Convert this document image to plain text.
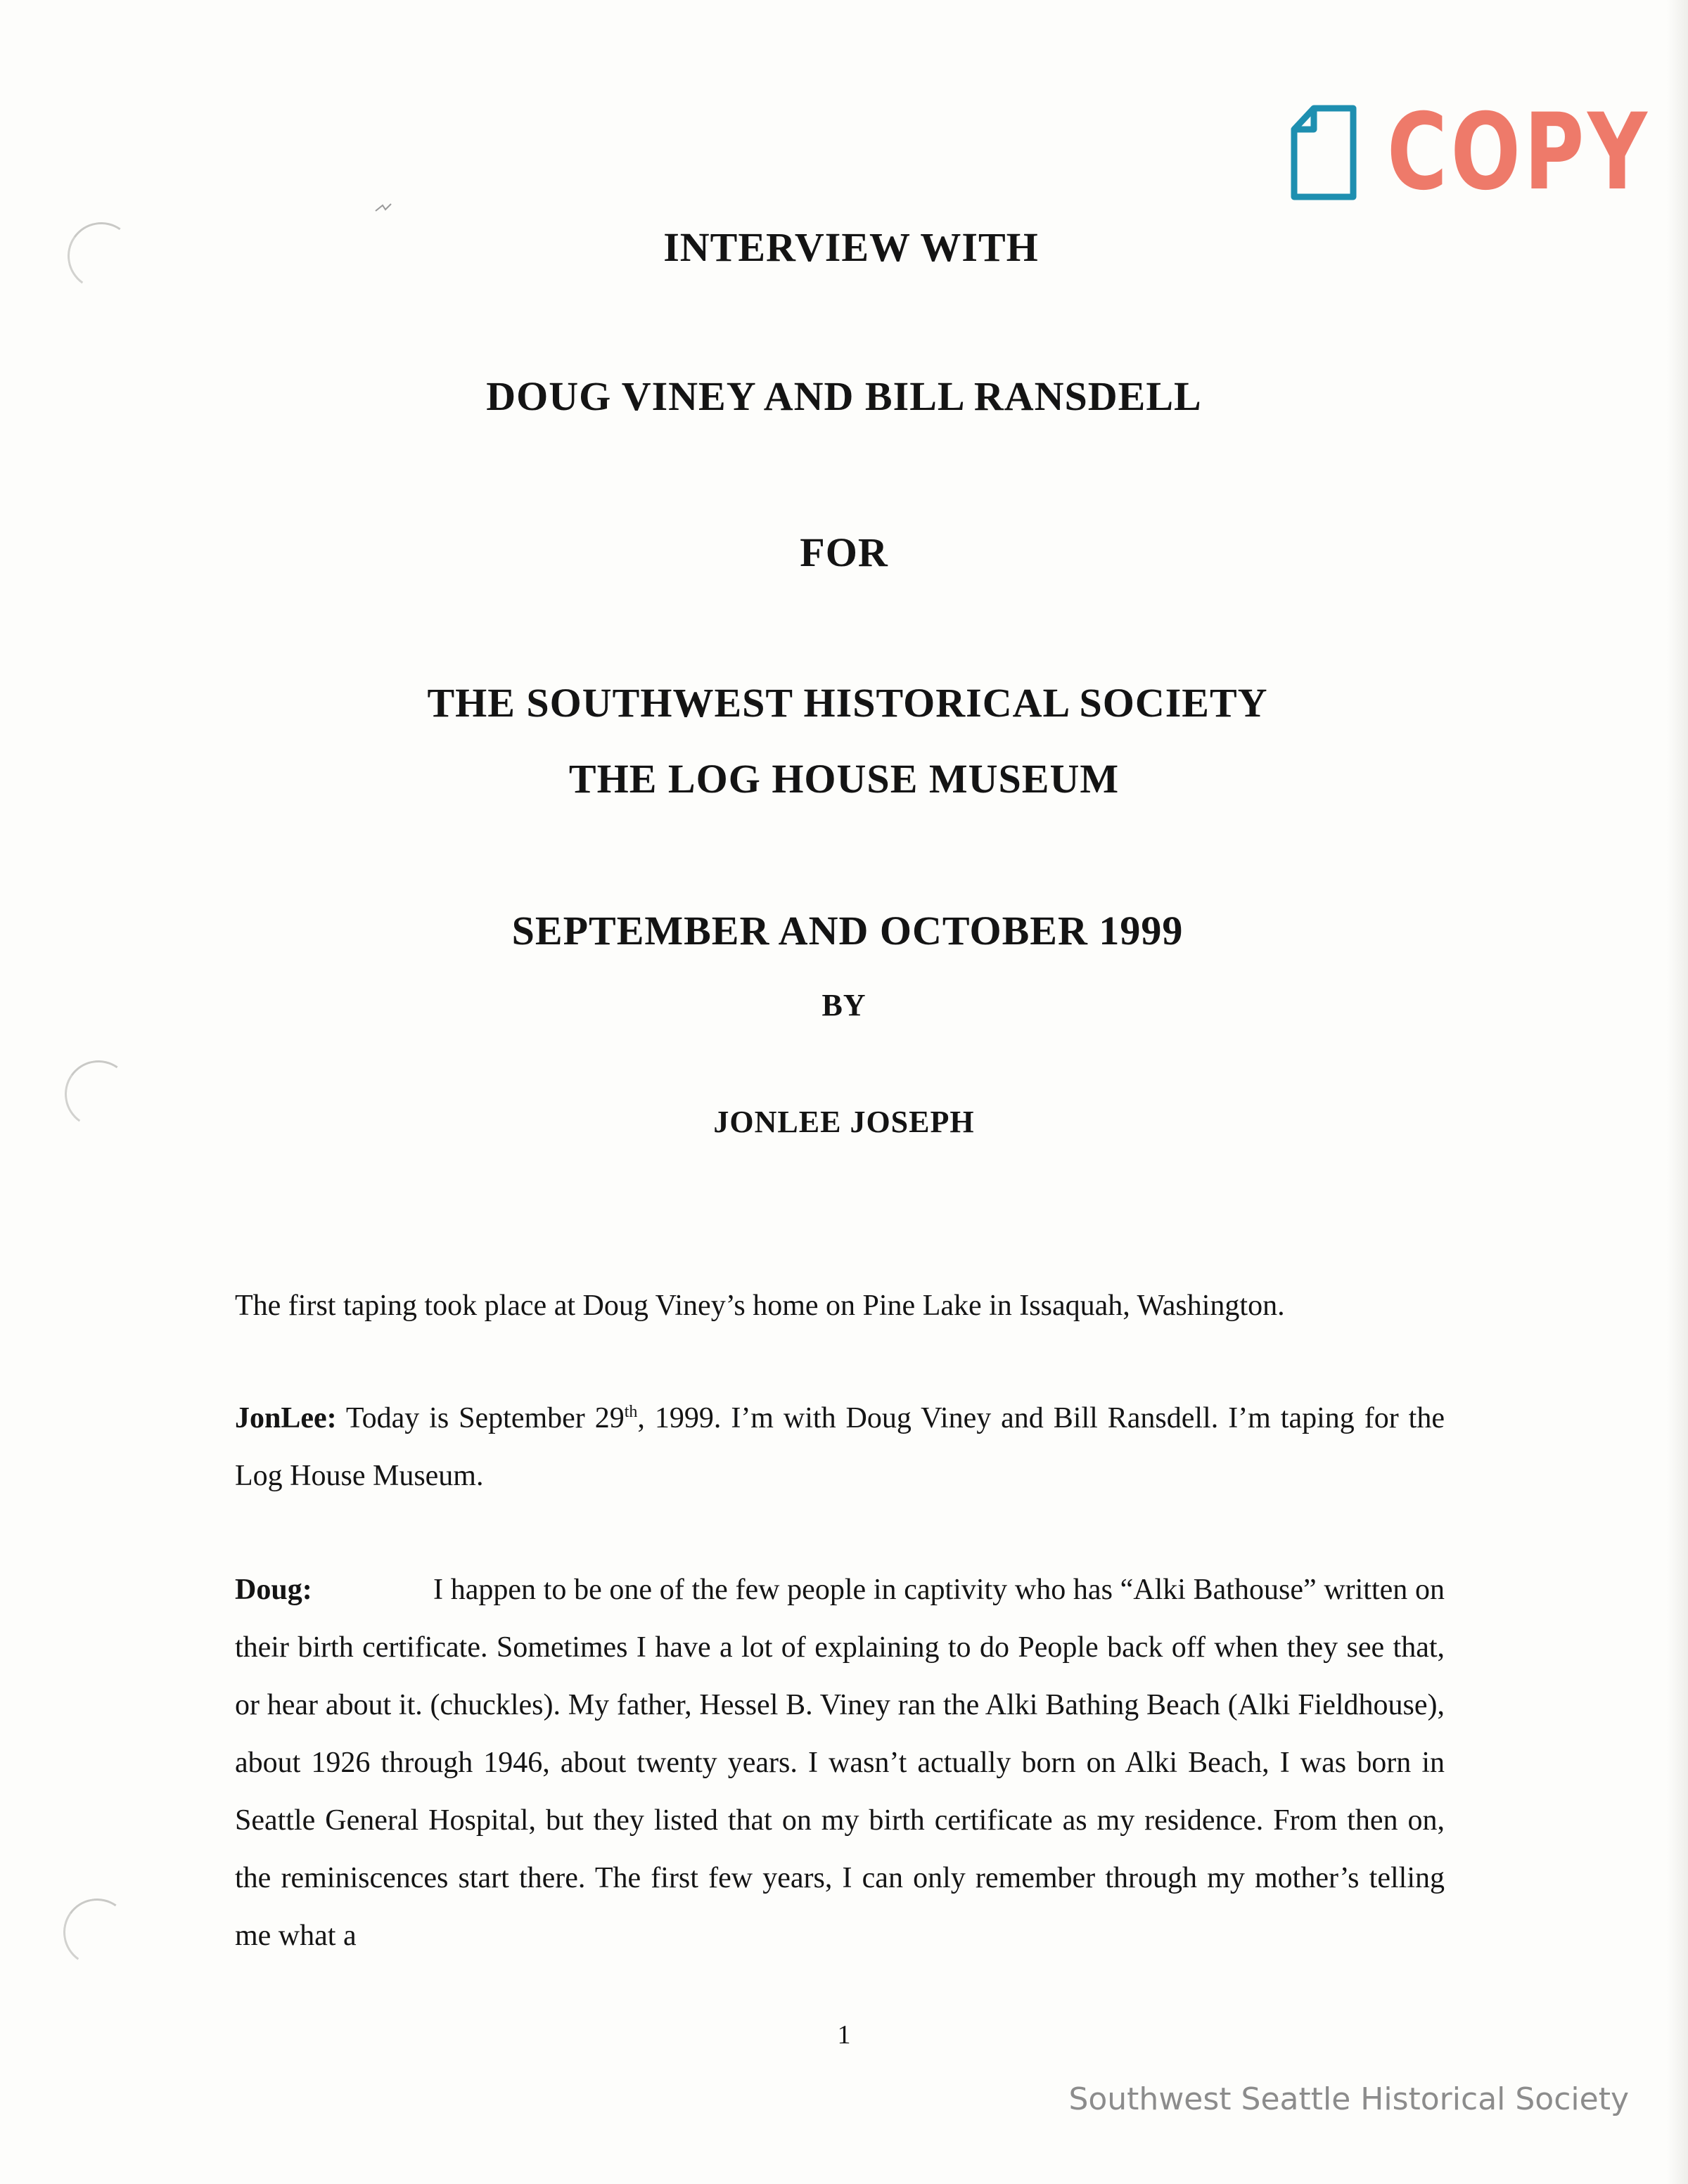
COPY
INTERVIEW WITH
DOUG VINEY AND BILL RANSDELL
FOR
THE SOUTHWEST HISTORICAL SOCIETY
THE LOG HOUSE MUSEUM
SEPTEMBER AND OCTOBER 1999
BY
JONLEE JOSEPH

The first taping took place at Doug Viney’s home on Pine Lake in Issaquah, Washington.

JonLee: Today is September 29th, 1999. I’m with Doug Viney and Bill Ransdell. I’m taping for the Log House Museum.

Doug:	I happen to be one of the few people in captivity who has “Alki Bathouse” written on their birth certificate. Sometimes I have a lot of explaining to do People back off when they see that, or hear about it. (chuckles). My father, Hessel B. Viney ran the Alki Bathing Beach (Alki Fieldhouse), about 1926 through 1946, about twenty years. I wasn’t actually born on Alki Beach, I was born in Seattle General Hospital, but they listed that on my birth certificate as my residence. From then on, the reminiscences start there. The first few years, I can only remember through my mother’s telling me what a

1
Southwest Seattle Historical Society
